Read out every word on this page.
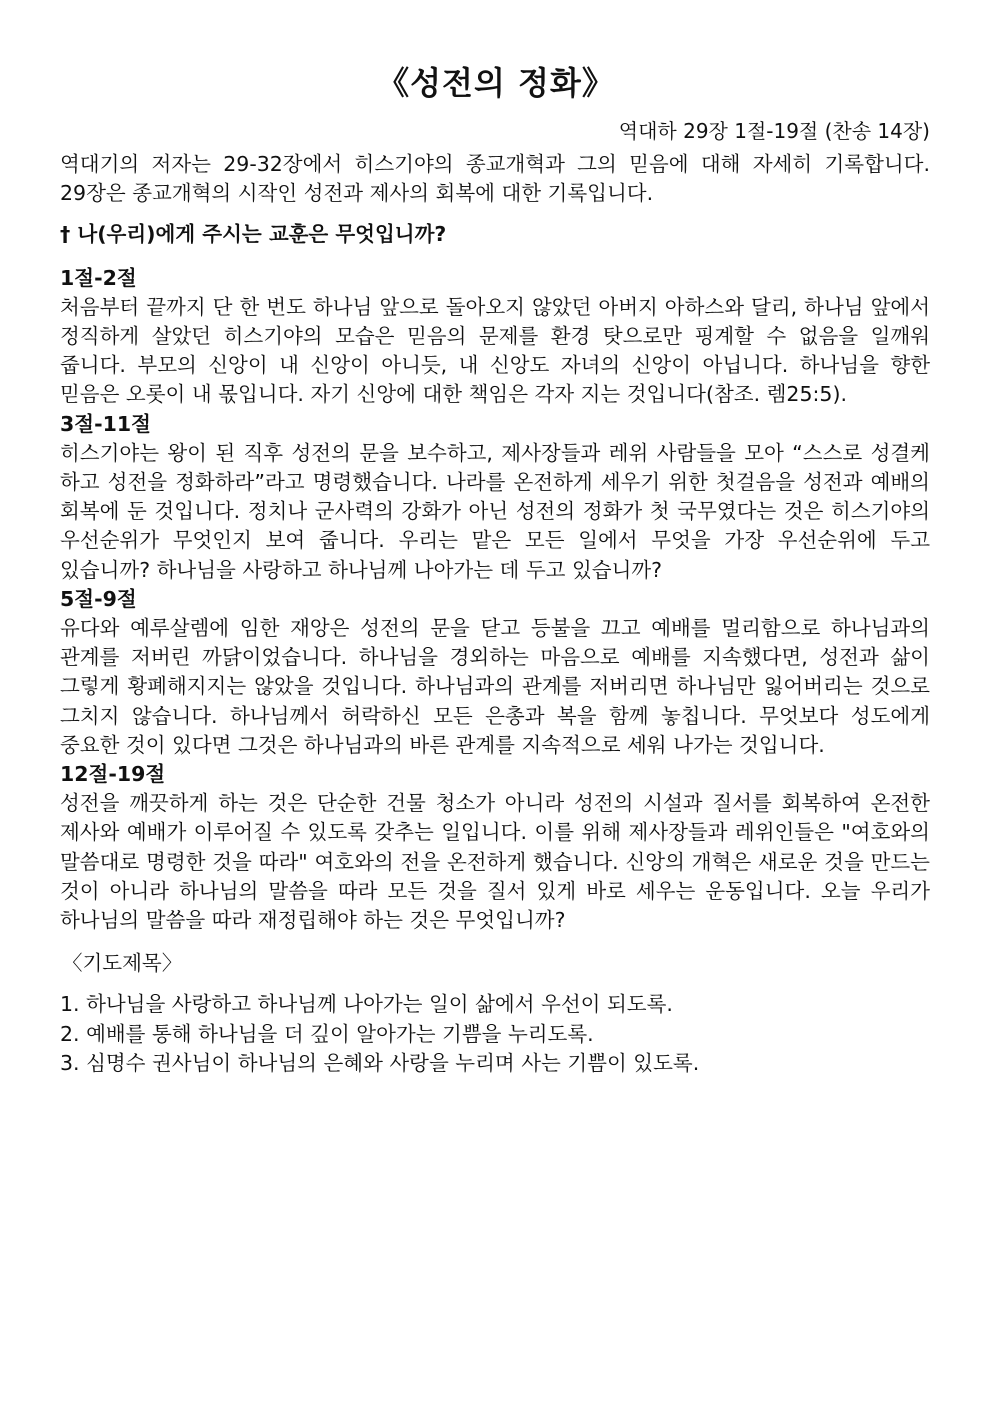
《성전의 정화》
역대하 29장 1절-19절 (찬송 14장)

역대기의 저자는 29-32장에서 히스기야의 종교개혁과 그의 믿음에 대해 자세히 기록합니다. 29장은 종교개혁의 시작인 성전과 제사의 회복에 대한 기록입니다.

† 나(우리)에게 주시는 교훈은 무엇입니까?

1절-2절

처음부터 끝까지 단 한 번도 하나님 앞으로 돌아오지 않았던 아버지 아하스와 달리, 하나님 앞에서 정직하게 살았던 히스기야의 모습은 믿음의 문제를 환경 탓으로만 핑계할 수 없음을 일깨워 줍니다. 부모의 신앙이 내 신앙이 아니듯, 내 신앙도 자녀의 신앙이 아닙니다. 하나님을 향한 믿음은 오롯이 내 몫입니다. 자기 신앙에 대한 책임은 각자 지는 것입니다(참조. 렘25:5).

3절-11절

히스기야는 왕이 된 직후 성전의 문을 보수하고, 제사장들과 레위 사람들을 모아 “스스로 성결케 하고 성전을 정화하라”라고 명령했습니다. 나라를 온전하게 세우기 위한 첫걸음을 성전과 예배의 회복에 둔 것입니다. 정치나 군사력의 강화가 아닌 성전의 정화가 첫 국무였다는 것은 히스기야의 우선순위가 무엇인지 보여 줍니다. 우리는 맡은 모든 일에서 무엇을 가장 우선순위에 두고 있습니까? 하나님을 사랑하고 하나님께 나아가는 데 두고 있습니까?

5절-9절

유다와 예루살렘에 임한 재앙은 성전의 문을 닫고 등불을 끄고 예배를 멀리함으로 하나님과의 관계를 저버린 까닭이었습니다. 하나님을 경외하는 마음으로 예배를 지속했다면, 성전과 삶이 그렇게 황폐해지지는 않았을 것입니다. 하나님과의 관계를 저버리면 하나님만 잃어버리는 것으로 그치지 않습니다. 하나님께서 허락하신 모든 은총과 복을 함께 놓칩니다. 무엇보다 성도에게 중요한 것이 있다면 그것은 하나님과의 바른 관계를 지속적으로 세워 나가는 것입니다.

12절-19절

성전을 깨끗하게 하는 것은 단순한 건물 청소가 아니라 성전의 시설과 질서를 회복하여 온전한 제사와 예배가 이루어질 수 있도록 갖추는 일입니다. 이를 위해 제사장들과 레위인들은 "여호와의 말씀대로 명령한 것을 따라" 여호와의 전을 온전하게 했습니다. 신앙의 개혁은 새로운 것을 만드는 것이 아니라 하나님의 말씀을 따라 모든 것을 질서 있게 바로 세우는 운동입니다. 오늘 우리가 하나님의 말씀을 따라 재정립해야 하는 것은 무엇입니까?

〈기도제목〉

1. 하나님을 사랑하고 하나님께 나아가는 일이 삶에서 우선이 되도록.
2. 예배를 통해 하나님을 더 깊이 알아가는 기쁨을 누리도록.
3. 심명수 권사님이 하나님의 은혜와 사랑을 누리며 사는 기쁨이 있도록.
